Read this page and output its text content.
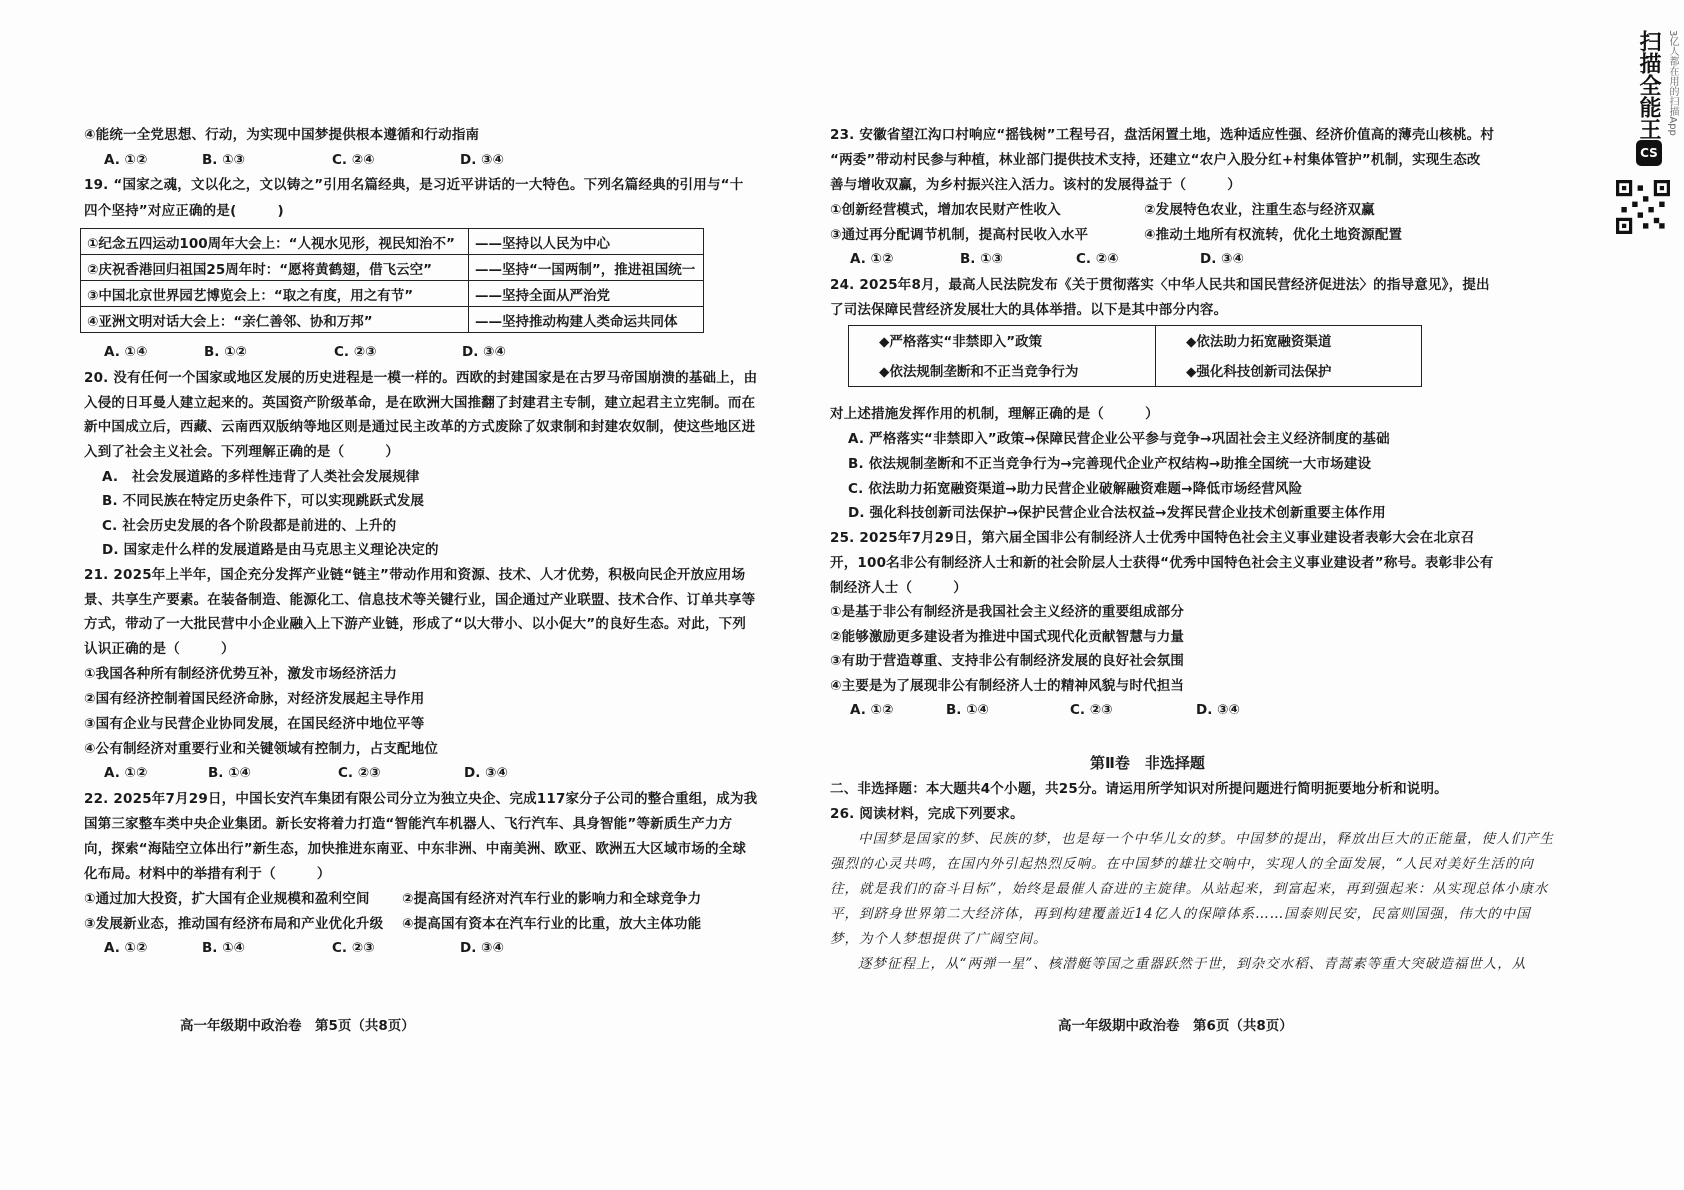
④能统一全党思想、行动，为实现中国梦提供根本遵循和行动指南
A. ①②	B. ①③	C. ②④	D. ③④
19. “国家之魂，文以化之，文以铸之”引用名篇经典，是习近平讲话的一大特色。下列名篇经典的引用与“十
四个坚持”对应正确的是(　　　)
①纪念五四运动100周年大会上：“人视水见形，视民知治不”	——坚持以人民为中心
②庆祝香港回归祖国25周年时：“愿将黄鹤翅，借飞云空”	——坚持“一国两制”，推进祖国统一
③中国北京世界园艺博览会上：“取之有度，用之有节”	——坚持全面从严治党
④亚洲文明对话大会上：“亲仁善邻、协和万邦”	——坚持推动构建人类命运共同体
A. ①④	B. ①②	C. ②③	D. ③④
20. 没有任何一个国家或地区发展的历史进程是一模一样的。西欧的封建国家是在古罗马帝国崩溃的基础上，由
入侵的日耳曼人建立起来的。英国资产阶级革命，是在欧洲大国推翻了封建君主专制，建立起君主立宪制。而在
新中国成立后，西藏、云南西双版纳等地区则是通过民主改革的方式废除了奴隶制和封建农奴制，使这些地区进
入到了社会主义社会。下列理解正确的是（　　　）
A.　社会发展道路的多样性违背了人类社会发展规律
B. 不同民族在特定历史条件下，可以实现跳跃式发展
C. 社会历史发展的各个阶段都是前进的、上升的
D. 国家走什么样的发展道路是由马克思主义理论决定的
21. 2025年上半年，国企充分发挥产业链“链主”带动作用和资源、技术、人才优势，积极向民企开放应用场
景、共享生产要素。在装备制造、能源化工、信息技术等关键行业，国企通过产业联盟、技术合作、订单共享等
方式，带动了一大批民营中小企业融入上下游产业链，形成了“以大带小、以小促大”的良好生态。对此，下列
认识正确的是（　　　）
①我国各种所有制经济优势互补，激发市场经济活力
②国有经济控制着国民经济命脉，对经济发展起主导作用
③国有企业与民营企业协同发展，在国民经济中地位平等
④公有制经济对重要行业和关键领域有控制力，占支配地位
A. ①②	B. ①④	C. ②③	D. ③④
22. 2025年7月29日，中国长安汽车集团有限公司分立为独立央企、完成117家分子公司的整合重组，成为我
国第三家整车类中央企业集团。新长安将着力打造“智能汽车机器人、飞行汽车、具身智能”等新质生产力方
向，探索“海陆空立体出行”新生态，加快推进东南亚、中东非洲、中南美洲、欧亚、欧洲五大区域市场的全球
化布局。材料中的举措有利于（　　　）
①通过加大投资，扩大国有企业规模和盈利空间 ②提高国有经济对汽车行业的影响力和全球竞争力
③发展新业态，推动国有经济布局和产业优化升级 ④提高国有资本在汽车行业的比重，放大主体功能
A. ①②	B. ①④	C. ②③	D. ③④
高一年级期中政治卷　第5页（共8页）
23. 安徽省望江沟口村响应“摇钱树”工程号召，盘活闲置土地，选种适应性强、经济价值高的薄壳山核桃。村
“两委”带动村民参与种植，林业部门提供技术支持，还建立“农户入股分红+村集体管护”机制，实现生态改
善与增收双赢，为乡村振兴注入活力。该村的发展得益于（　　　）
①创新经营模式，增加农民财产性收入	②发展特色农业，注重生态与经济双赢
③通过再分配调节机制，提高村民收入水平	④推动土地所有权流转，优化土地资源配置
A. ①②	B. ①③	C. ②④	D. ③④
24. 2025年8月，最高人民法院发布《关于贯彻落实〈中华人民共和国民营经济促进法〉的指导意见》，提出
了司法保障民营经济发展壮大的具体举措。以下是其中部分内容。
◆严格落实“非禁即入”政策	◆依法助力拓宽融资渠道
◆依法规制垄断和不正当竞争行为	◆强化科技创新司法保护
对上述措施发挥作用的机制，理解正确的是（　　　）
A. 严格落实“非禁即入”政策→保障民营企业公平参与竞争→巩固社会主义经济制度的基础
B. 依法规制垄断和不正当竞争行为→完善现代企业产权结构→助推全国统一大市场建设
C. 依法助力拓宽融资渠道→助力民营企业破解融资难题→降低市场经营风险
D. 强化科技创新司法保护→保护民营企业合法权益→发挥民营企业技术创新重要主体作用
25. 2025年7月29日，第六届全国非公有制经济人士优秀中国特色社会主义事业建设者表彰大会在北京召
开，100名非公有制经济人士和新的社会阶层人士获得“优秀中国特色社会主义事业建设者”称号。表彰非公有
制经济人士（　　　）
①是基于非公有制经济是我国社会主义经济的重要组成部分
②能够激励更多建设者为推进中国式现代化贡献智慧与力量
③有助于营造尊重、支持非公有制经济发展的良好社会氛围
④主要是为了展现非公有制经济人士的精神风貌与时代担当
A. ①②	B. ①④	C. ②③	D. ③④
第Ⅱ卷　非选择题
二、非选择题：本大题共4个小题，共25分。请运用所学知识对所提问题进行简明扼要地分析和说明。
26. 阅读材料，完成下列要求。
中国梦是国家的梦、民族的梦，也是每一个中华儿女的梦。中国梦的提出，释放出巨大的正能量，使人们产生
强烈的心灵共鸣，在国内外引起热烈反响。在中国梦的雄壮交响中，实现人的全面发展，“人民对美好生活的向
往，就是我们的奋斗目标”，始终是最催人奋进的主旋律。从站起来，到富起来，再到强起来：从实现总体小康水
平，到跻身世界第二大经济体，再到构建覆盖近14亿人的保障体系……国泰则民安，民富则国强，伟大的中国
梦，为个人梦想提供了广阔空间。
逐梦征程上，从“两弹一星”、核潜艇等国之重器跃然于世，到杂交水稻、青蒿素等重大突破造福世人，从
高一年级期中政治卷　第6页（共8页）
扫描全能王 3亿人都在用的扫描App
CS
